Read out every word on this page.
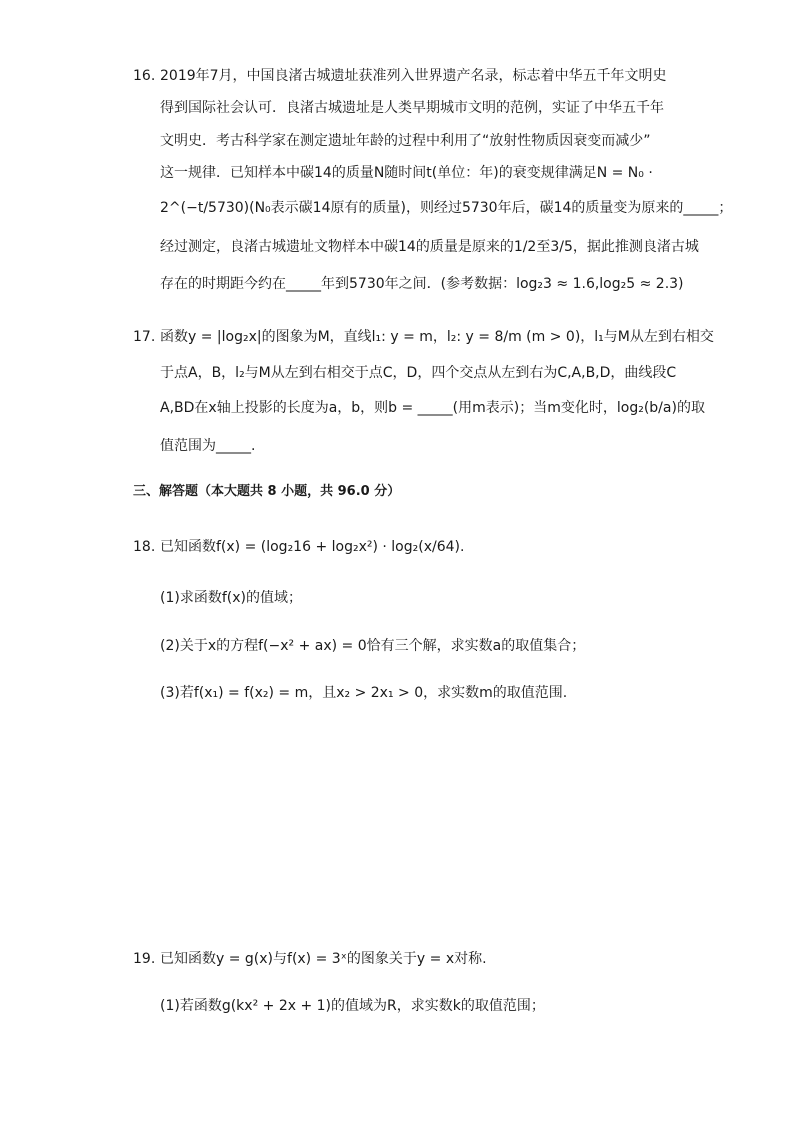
16. 2019年7月，中国良渚古城遗址获准列入世界遗产名录，标志着中华五千年文明史
得到国际社会认可．良渚古城遗址是人类早期城市文明的范例，实证了中华五千年
文明史．考古科学家在测定遗址年龄的过程中利用了“放射性物质因衰变而减少”
这一规律．已知样本中碳14的质量N随时间t(单位：年)的衰变规律满足N = N₀ ·
2^(−t/5730)(N₀表示碳14原有的质量)，则经过5730年后，碳14的质量变为原来的_____；
经过测定，良渚古城遗址文物样本中碳14的质量是原来的1/2至3/5，据此推测良渚古城
存在的时期距今约在_____年到5730年之间．(参考数据：log₂3 ≈ 1.6,log₂5 ≈ 2.3)
17. 函数y = |log₂x|的图象为M，直线l₁: y = m，l₂: y = 8/m (m > 0)，l₁与M从左到右相交
于点A，B，l₂与M从左到右相交于点C，D，四个交点从左到右为C,A,B,D，曲线段C
A,BD在x轴上投影的长度为a，b，则b = _____(用m表示)；当m变化时，log₂(b/a)的取
值范围为_____.
三、解答题（本大题共 8 小题，共 96.0 分）
18. 已知函数f(x) = (log₂16 + log₂x²) · log₂(x/64).
(1)求函数f(x)的值域；
(2)关于x的方程f(−x² + ax) = 0恰有三个解，求实数a的取值集合；
(3)若f(x₁) = f(x₂) = m，且x₂ > 2x₁ > 0，求实数m的取值范围.
19. 已知函数y = g(x)与f(x) = 3ˣ的图象关于y = x对称.
(1)若函数g(kx² + 2x + 1)的值域为R，求实数k的取值范围；
